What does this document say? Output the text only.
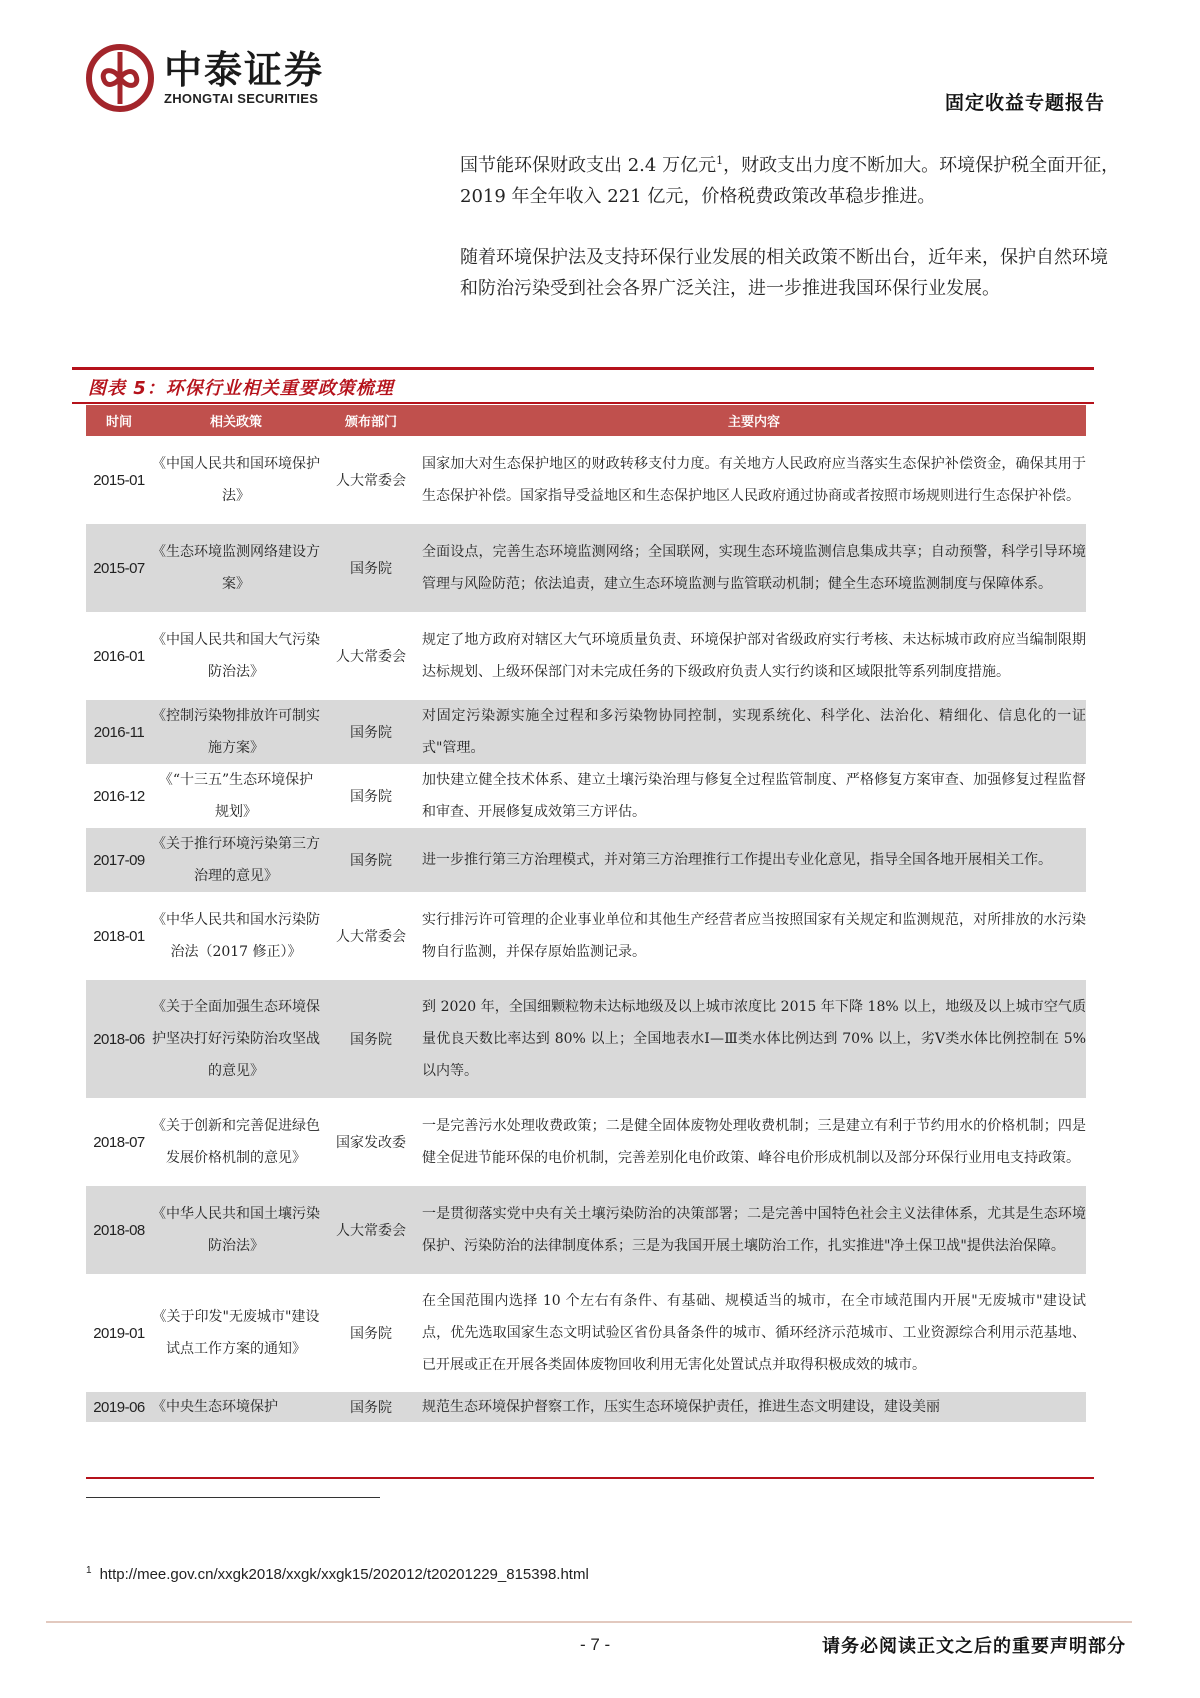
中泰证券
ZHONGTAI SECURITIES	固定收益专题报告
国节能环保财政支出 2.4 万亿元$^1$，财政支出力度不断加大。环境保护税全面开征，2019 年全年收入 221 亿元，价格税费政策改革稳步推进。
随着环境保护法及支持环保行业发展的相关政策不断出台，近年来，保护自然环境和防治污染受到社会各界广泛关注，进一步推进我国环保行业发展。
图表 5：环保行业相关重要政策梳理
时间	相关政策	颁布部门	主要内容
2015-01	《中国人民共和国环境保护法》	人大常委会	国家加大对生态保护地区的财政转移支付力度。有关地方人民政府应当落实生态保护补偿资金，确保其用于生态保护补偿。国家指导受益地区和生态保护地区人民政府通过协商或者按照市场规则进行生态保护补偿。
2015-07	《生态环境监测网络建设方案》	国务院	全面设点，完善生态环境监测网络；全国联网，实现生态环境监测信息集成共享；自动预警，科学引导环境管理与风险防范；依法追责，建立生态环境监测与监管联动机制；健全生态环境监测制度与保障体系。
2016-01	《中国人民共和国大气污染防治法》	人大常委会	规定了地方政府对辖区大气环境质量负责、环境保护部对省级政府实行考核、未达标城市政府应当编制限期达标规划、上级环保部门对未完成任务的下级政府负责人实行约谈和区域限批等系列制度措施。
2016-11	《控制污染物排放许可制实施方案》	国务院	对固定污染源实施全过程和多污染物协同控制，实现系统化、科学化、法治化、精细化、信息化的一证式"管理。
2016-12	《“十三五”生态环境保护规划》	国务院	加快建立健全技术体系、建立土壤污染治理与修复全过程监管制度、严格修复方案审查、加强修复过程监督和审查、开展修复成效第三方评估。
2017-09	《关于推行环境污染第三方治理的意见》	国务院	进一步推行第三方治理模式，并对第三方治理推行工作提出专业化意见，指导全国各地开展相关工作。
2018-01	《中华人民共和国水污染防治法（2017 修正）》	人大常委会	实行排污许可管理的企业事业单位和其他生产经营者应当按照国家有关规定和监测规范，对所排放的水污染物自行监测，并保存原始监测记录。
2018-06	《关于全面加强生态环境保护坚决打好污染防治攻坚战的意见》	国务院	到 2020 年，全国细颗粒物未达标地级及以上城市浓度比 2015 年下降 18% 以上，地级及以上城市空气质量优良天数比率达到 80% 以上；全国地表水Ⅰ—Ⅲ类水体比例达到 70% 以上，劣Ⅴ类水体比例控制在 5% 以内等。
2018-07	《关于创新和完善促进绿色发展价格机制的意见》	国家发改委	一是完善污水处理收费政策；二是健全固体废物处理收费机制；三是建立有利于节约用水的价格机制；四是健全促进节能环保的电价机制，完善差别化电价政策、峰谷电价形成机制以及部分环保行业用电支持政策。
2018-08	《中华人民共和国土壤污染防治法》	人大常委会	一是贯彻落实党中央有关土壤污染防治的决策部署；二是完善中国特色社会主义法律体系，尤其是生态环境保护、污染防治的法律制度体系；三是为我国开展土壤防治工作，扎实推进"净土保卫战"提供法治保障。
2019-01	《关于印发"无废城市"建设试点工作方案的通知》	国务院	在全国范围内选择 10 个左右有条件、有基础、规模适当的城市，在全市域范围内开展"无废城市"建设试点，优先选取国家生态文明试验区省份具备条件的城市、循环经济示范城市、工业资源综合利用示范基地、已开展或正在开展各类固体废物回收利用无害化处置试点并取得积极成效的城市。
2019-06	《中央生态环境保护	国务院	规范生态环境保护督察工作，压实生态环境保护责任，推进生态文明建设，建设美丽
$^1$ http://mee.gov.cn/xxgk2018/xxgk/xxgk15/202012/t20201229_815398.html
- 7 -	请务必阅读正文之后的重要声明部分
